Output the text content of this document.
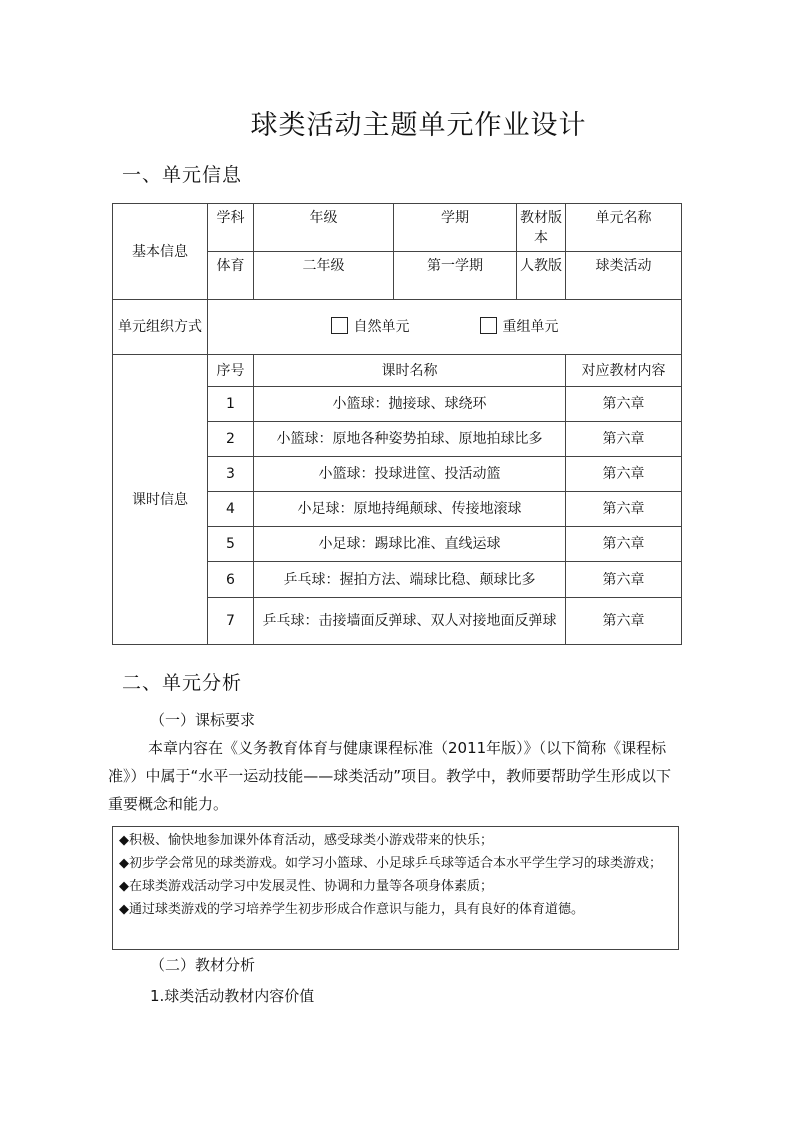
球类活动主题单元作业设计
一、单元信息
基本信息	学科	年级	学期	教材版本	单元名称
	体育	二年级	第一学期	人教版	球类活动
单元组织方式	自然单元 重组单元				
课时信息	序号	课时名称			对应教材内容
	1	小篮球：抛接球、球绕环			第六章
	2	小篮球：原地各种姿势拍球、原地拍球比多			第六章
	3	小篮球：投球进筐、投活动篮			第六章
	4	小足球：原地持绳颠球、传接地滚球			第六章
	5	小足球：踢球比准、直线运球			第六章
	6	乒乓球：握拍方法、端球比稳、颠球比多			第六章
	7	乒乓球：击接墙面反弹球、双人对接地面反弹球			第六章
二、单元分析
（一）课标要求
本章内容在《义务教育体育与健康课程标准（2011年版）》（以下简称《课程标准》）中属于“水平一运动技能——球类活动”项目。教学中，教师要帮助学生形成以下重要概念和能力。
◆积极、愉快地参加课外体育活动，感受球类小游戏带来的快乐；
◆初步学会常见的球类游戏。如学习小篮球、小足球乒乓球等适合本水平学生学习的球类游戏；
◆在球类游戏活动学习中发展灵性、协调和力量等各项身体素质；
◆通过球类游戏的学习培养学生初步形成合作意识与能力，具有良好的体育道德。
（二）教材分析
1.球类活动教材内容价值
